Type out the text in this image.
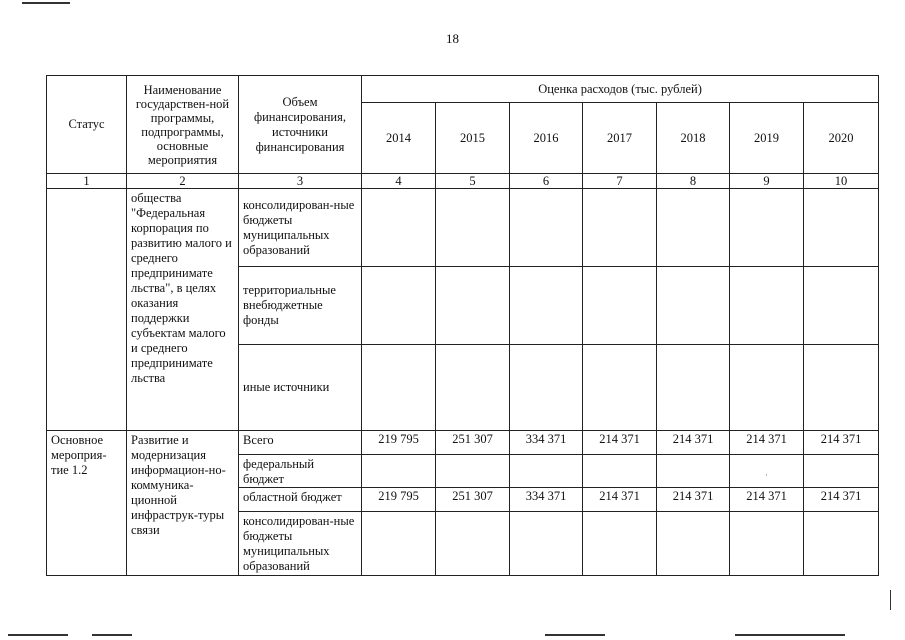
18
Статус	Наименование государствен-ной программы, подпрограммы, основные мероприятия	Объем финансирования, источники финансирования	Оценка расходов (тыс. рублей)						
			2014	2015	2016	2017	2018	2019	2020
1	2	3	4	5	6	7	8	9	10
	общества "Федеральная корпорация по развитию малого и среднего предпринимате льства", в целях оказания поддержки субъектам малого и среднего предпринимате льства	консолидирован-ные бюджеты муниципальных образований							
		территориальные внебюджетные фонды							
		иные источники							
Основное мероприя-тие 1.2	Развитие и модернизация информацион-но-коммуника-ционной инфраструк-туры связи	Всего	219 795	251 307	334 371	214 371	214 371	214 371	214 371
		федеральный бюджет						·	

		областной бюджет	219 795	251 307	334 371	214 371	214 371	214 371	214 371
		консолидирован-ные бюджеты муниципальных образований							
